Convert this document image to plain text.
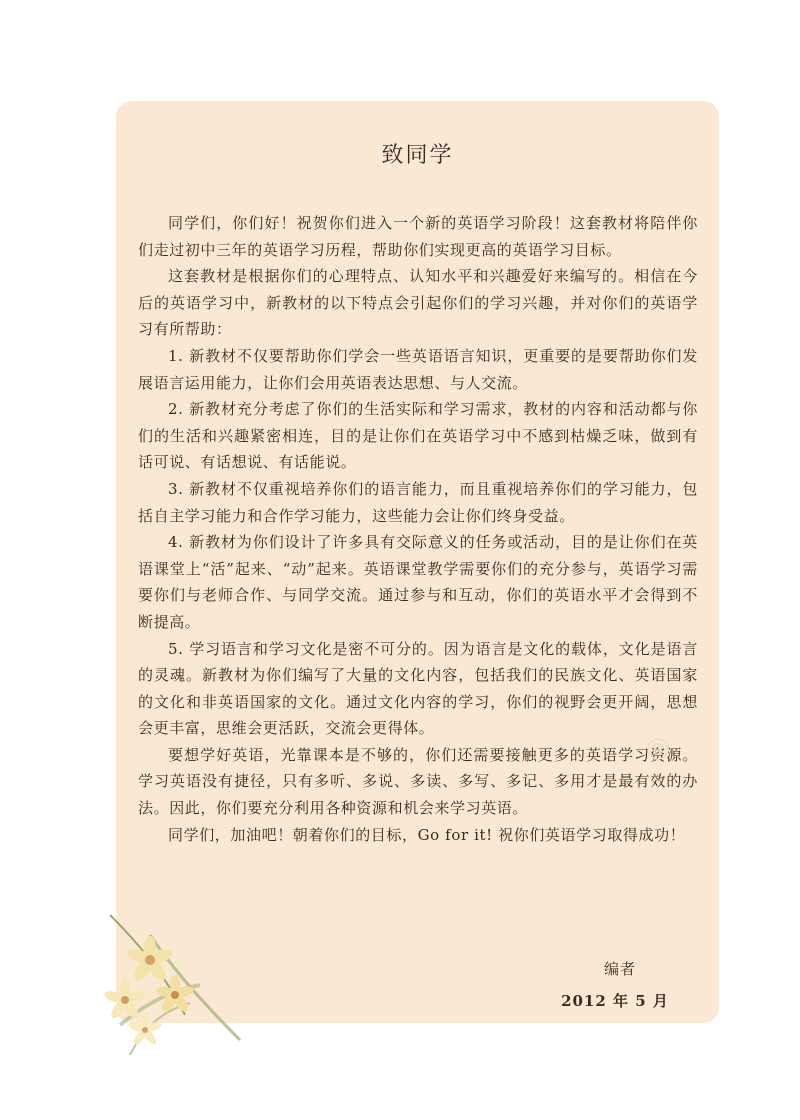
致同学

同学们，你们好！祝贺你们进入一个新的英语学习阶段！这套教材将陪伴你们走过初中三年的英语学习历程，帮助你们实现更高的英语学习目标。

这套教材是根据你们的心理特点、认知水平和兴趣爱好来编写的。相信在今后的英语学习中，新教材的以下特点会引起你们的学习兴趣，并对你们的英语学习有所帮助：

1. 新教材不仅要帮助你们学会一些英语语言知识，更重要的是要帮助你们发展语言运用能力，让你们会用英语表达思想、与人交流。

2. 新教材充分考虑了你们的生活实际和学习需求，教材的内容和活动都与你们的生活和兴趣紧密相连，目的是让你们在英语学习中不感到枯燥乏味，做到有话可说、有话想说、有话能说。

3. 新教材不仅重视培养你们的语言能力，而且重视培养你们的学习能力，包括自主学习能力和合作学习能力，这些能力会让你们终身受益。

4. 新教材为你们设计了许多具有交际意义的任务或活动，目的是让你们在英语课堂上“活”起来、“动”起来。英语课堂教学需要你们的充分参与，英语学习需要你们与老师合作、与同学交流。通过参与和互动，你们的英语水平才会得到不断提高。

5. 学习语言和学习文化是密不可分的。因为语言是文化的载体，文化是语言的灵魂。新教材为你们编写了大量的文化内容，包括我们的民族文化、英语国家的文化和非英语国家的文化。通过文化内容的学习，你们的视野会更开阔，思想会更丰富，思维会更活跃，交流会更得体。

要想学好英语，光靠课本是不够的，你们还需要接触更多的英语学习资源。学习英语没有捷径，只有多听、多说、多读、多写、多记、多用才是最有效的办法。因此，你们要充分利用各种资源和机会来学习英语。

同学们，加油吧！朝着你们的目标，Go for it! 祝你们英语学习取得成功！

编者
2012 年 5 月
